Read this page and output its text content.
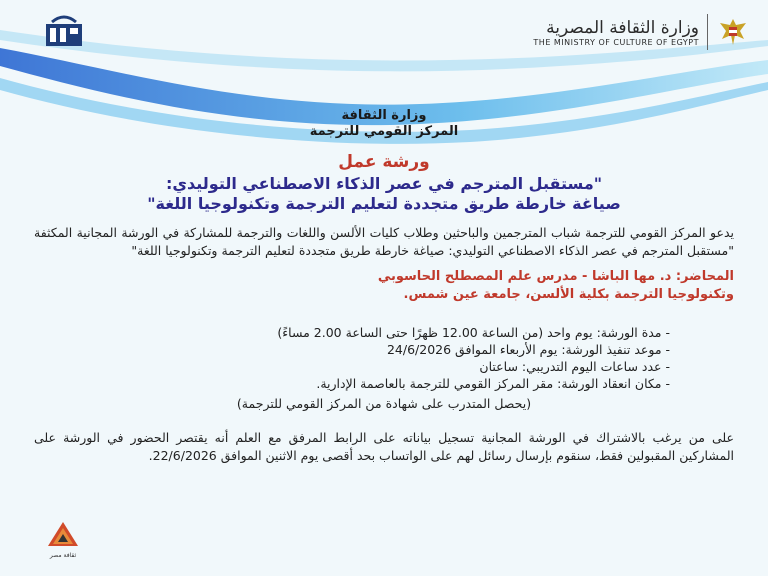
وزارة الثقافة المصرية
THE MINISTRY OF CULTURE OF EGYPT
وزارة الثقافة
المركز القومي للترجمة
ورشة عمل
"مستقبل المترجم في عصر الذكاء الاصطناعي التوليدي:
صياغة خارطة طريق متجددة لتعليم الترجمة وتكنولوجيا اللغة"
يدعو المركز القومي للترجمة شباب المترجمين والباحثين وطلاب كليات الألسن واللغات والترجمة للمشاركة في الورشة المجانية المكثفة "مستقبل المترجم في عصر الذكاء الاصطناعي التوليدي: صياغة خارطة طريق متجددة لتعليم الترجمة وتكنولوجيا اللغة"
المحاضر: د. مها الباشا - مدرس علم المصطلح الحاسوبي
وتكنولوجيا الترجمة بكلية الألسن، جامعة عين شمس.
- مدة الورشة: يوم واحد (من الساعة 12.00 ظهرًا حتى الساعة 2.00 مساءً)
- موعد تنفيذ الورشة: يوم الأربعاء الموافق 24/6/2026
- عدد ساعات اليوم التدريبي: ساعتان
- مكان انعقاد الورشة: مقر المركز القومي للترجمة بالعاصمة الإدارية.
(يحصل المتدرب على شهادة من المركز القومي للترجمة)
على من يرغب بالاشتراك في الورشة المجانية تسجيل بياناته على الرابط المرفق مع العلم أنه يقتصر الحضور في الورشة على المشاركين المقبولين فقط، سنقوم بإرسال رسائل لهم على الواتساب بحد أقصى يوم الاثنين الموافق 22/6/2026.
ثقافة مصر
